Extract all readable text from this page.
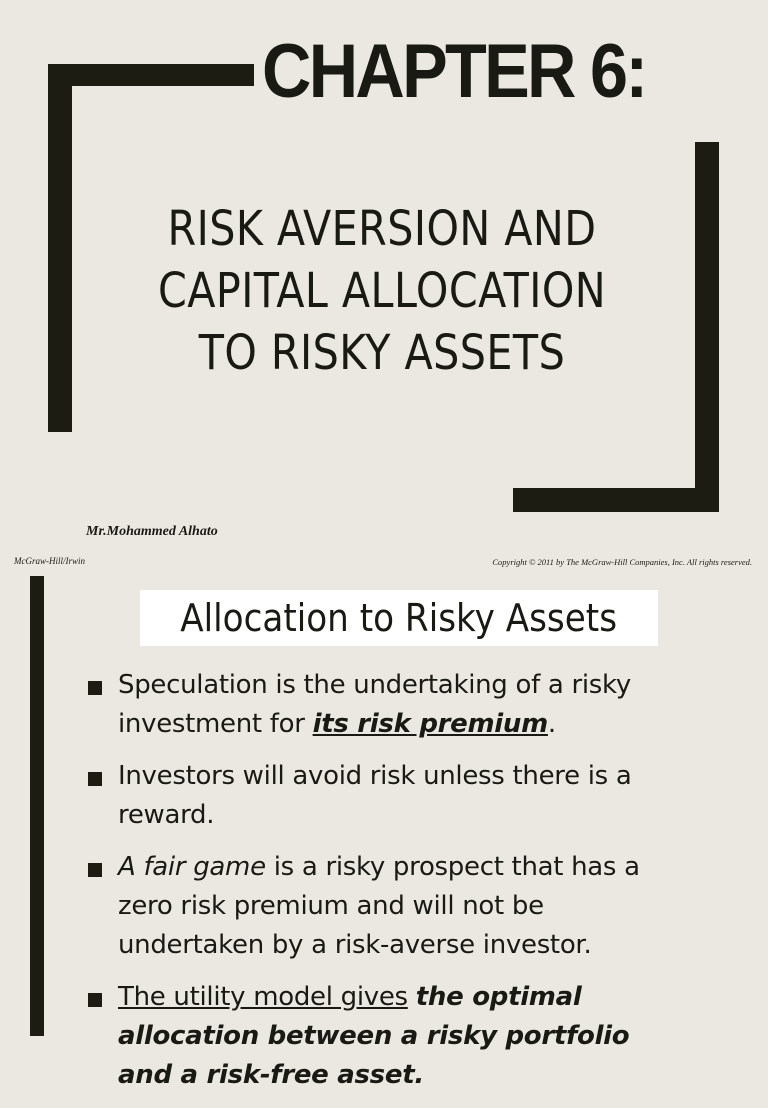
CHAPTER 6:
RISK AVERSION AND
CAPITAL ALLOCATION
TO RISKY ASSETS
Mr.Mohammed Alhato
McGraw-Hill/Irwin	Copyright © 2011 by The McGraw-Hill Companies, Inc. All rights reserved.
Allocation to Risky Assets
Speculation is the undertaking of a risky investment for its risk premium.
Investors will avoid risk unless there is a reward.
A fair game is a risky prospect that has a zero risk premium and will not be undertaken by a risk-averse investor.
The utility model gives the optimal allocation between a risky portfolio and a risk-free asset.
